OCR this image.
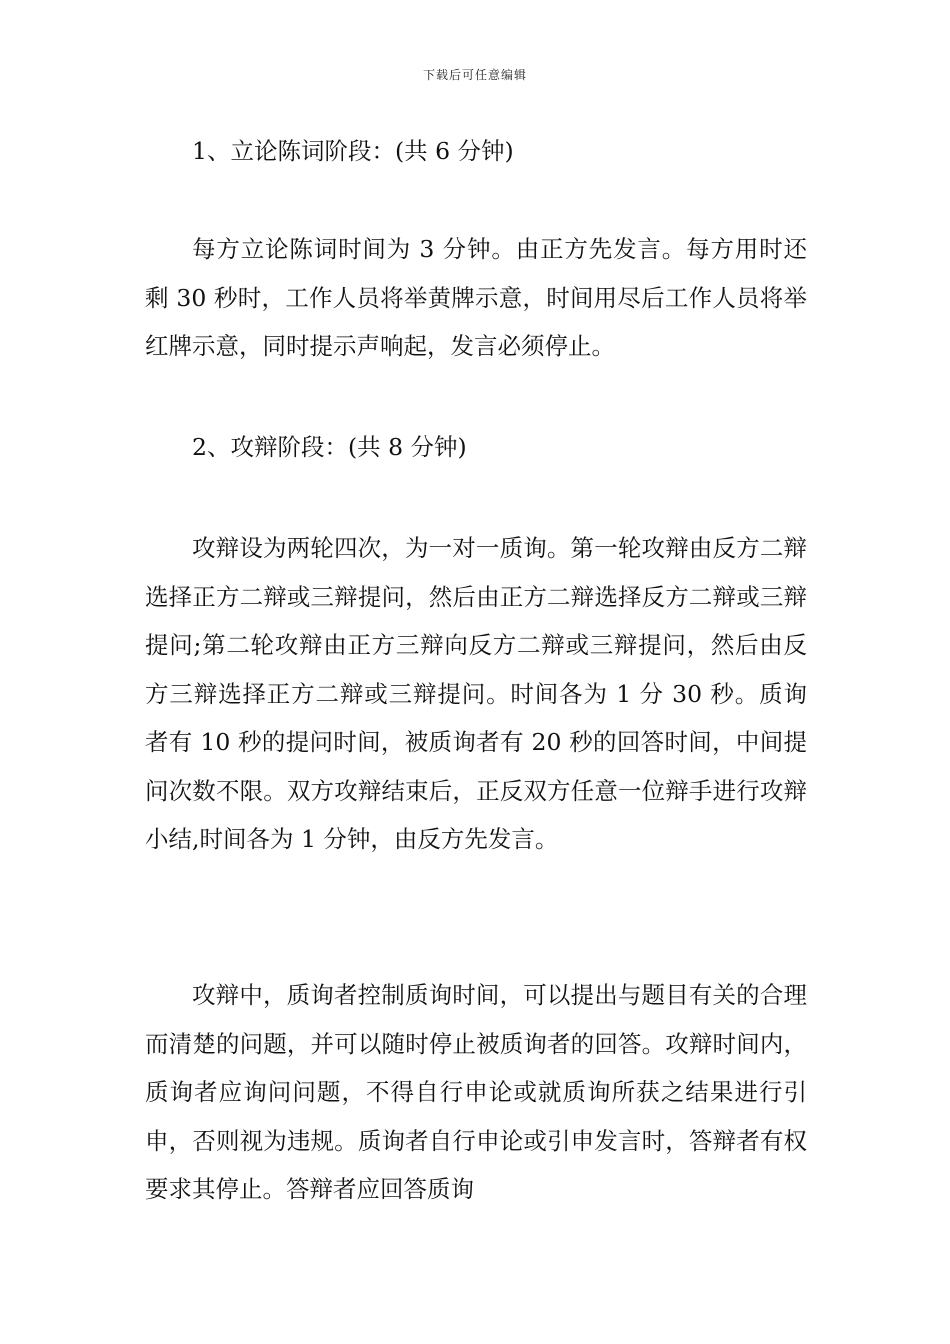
下载后可任意编辑

1、立论陈词阶段：(共 6 分钟)

每方立论陈词时间为 3 分钟。由正方先发言。每方用时还剩 30 秒时，工作人员将举黄牌示意，时间用尽后工作人员将举红牌示意，同时提示声响起，发言必须停止。

2、攻辩阶段：(共 8 分钟)

攻辩设为两轮四次，为一对一质询。第一轮攻辩由反方二辩选择正方二辩或三辩提问，然后由正方二辩选择反方二辩或三辩提问;第二轮攻辩由正方三辩向反方二辩或三辩提问，然后由反方三辩选择正方二辩或三辩提问。时间各为 1 分 30 秒。质询者有 10 秒的提问时间，被质询者有 20 秒的回答时间，中间提问次数不限。双方攻辩结束后，正反双方任意一位辩手进行攻辩小结,时间各为 1 分钟，由反方先发言。

攻辩中，质询者控制质询时间，可以提出与题目有关的合理而清楚的问题，并可以随时停止被质询者的回答。攻辩时间内，质询者应询问问题，不得自行申论或就质询所获之结果进行引申，否则视为违规。质询者自行申论或引申发言时，答辩者有权要求其停止。答辩者应回答质询
